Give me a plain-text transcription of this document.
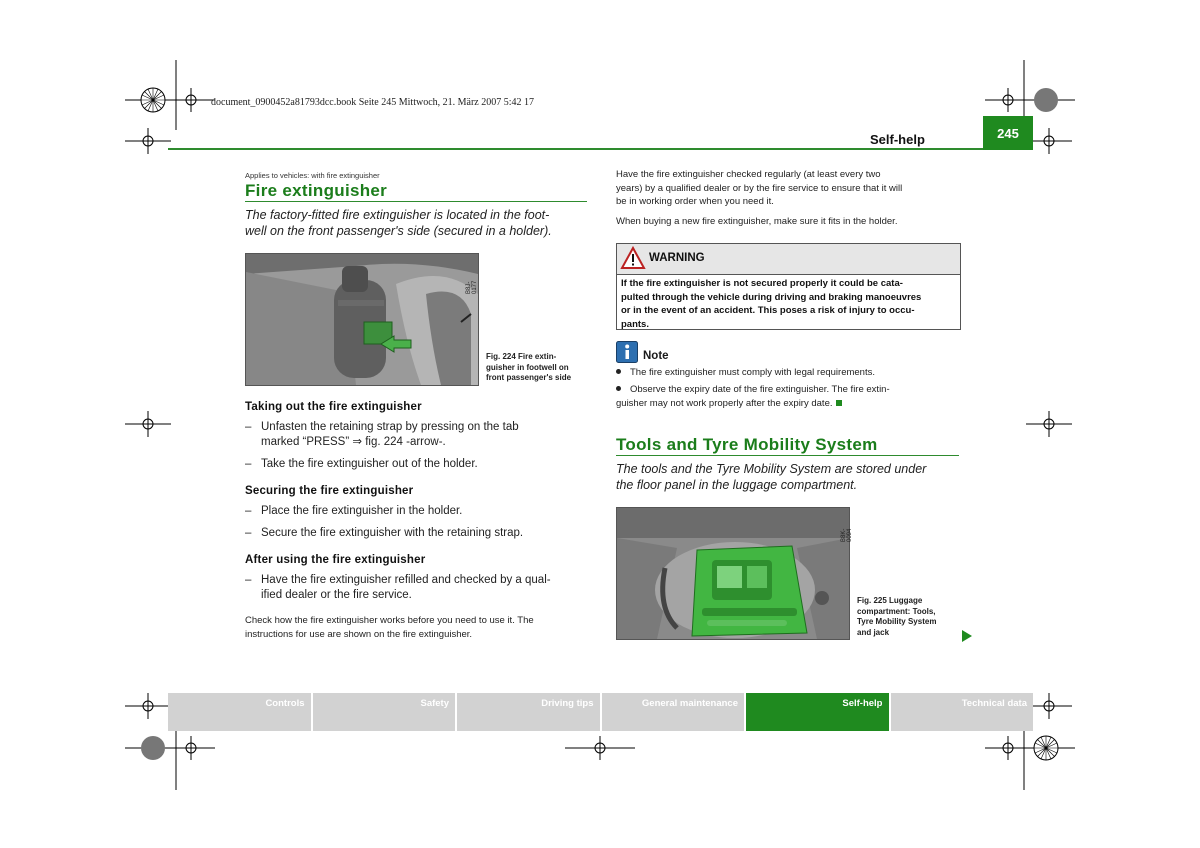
document_0900452a81793dcc.book Seite 245 Mittwoch, 21. März 2007 5:42 17
Self-help	245
Applies to vehicles: with fire extinguisher
Fire extinguisher
The factory-fitted fire extinguisher is located in the foot-
well on the front passenger's side (secured in a holder).
B8J-0177
Fig. 224 Fire extin-
guisher in footwell on
front passenger's side
Taking out the fire extinguisher
– Unfasten the retaining strap by pressing on the tab
marked “PRESS” ⇒ fig. 224 -arrow-.
– Take the fire extinguisher out of the holder.
Securing the fire extinguisher
– Place the fire extinguisher in the holder.
– Secure the fire extinguisher with the retaining strap.
After using the fire extinguisher
– Have the fire extinguisher refilled and checked by a qual-
ified dealer or the fire service.
Check how the fire extinguisher works before you need to use it. The
instructions for use are shown on the fire extinguisher.
Have the fire extinguisher checked regularly (at least every two
years) by a qualified dealer or by the fire service to ensure that it will
be in working order when you need it.
When buying a new fire extinguisher, make sure it fits in the holder.
WARNING
If the fire extinguisher is not secured properly it could be cata-
pulted through the vehicle during driving and braking manoeuvres
or in the event of an accident. This poses a risk of injury to occu-
pants.
Note
The fire extinguisher must comply with legal requirements.
Observe the expiry date of the fire extinguisher. The fire extin-
guisher may not work properly after the expiry date.
Tools and Tyre Mobility System
The tools and the Tyre Mobility System are stored under
the floor panel in the luggage compartment.
B8K-0094
Fig. 225 Luggage
compartment: Tools,
Tyre Mobility System
and jack
Controls	Safety	Driving tips	General maintenance	Self-help	Technical data
